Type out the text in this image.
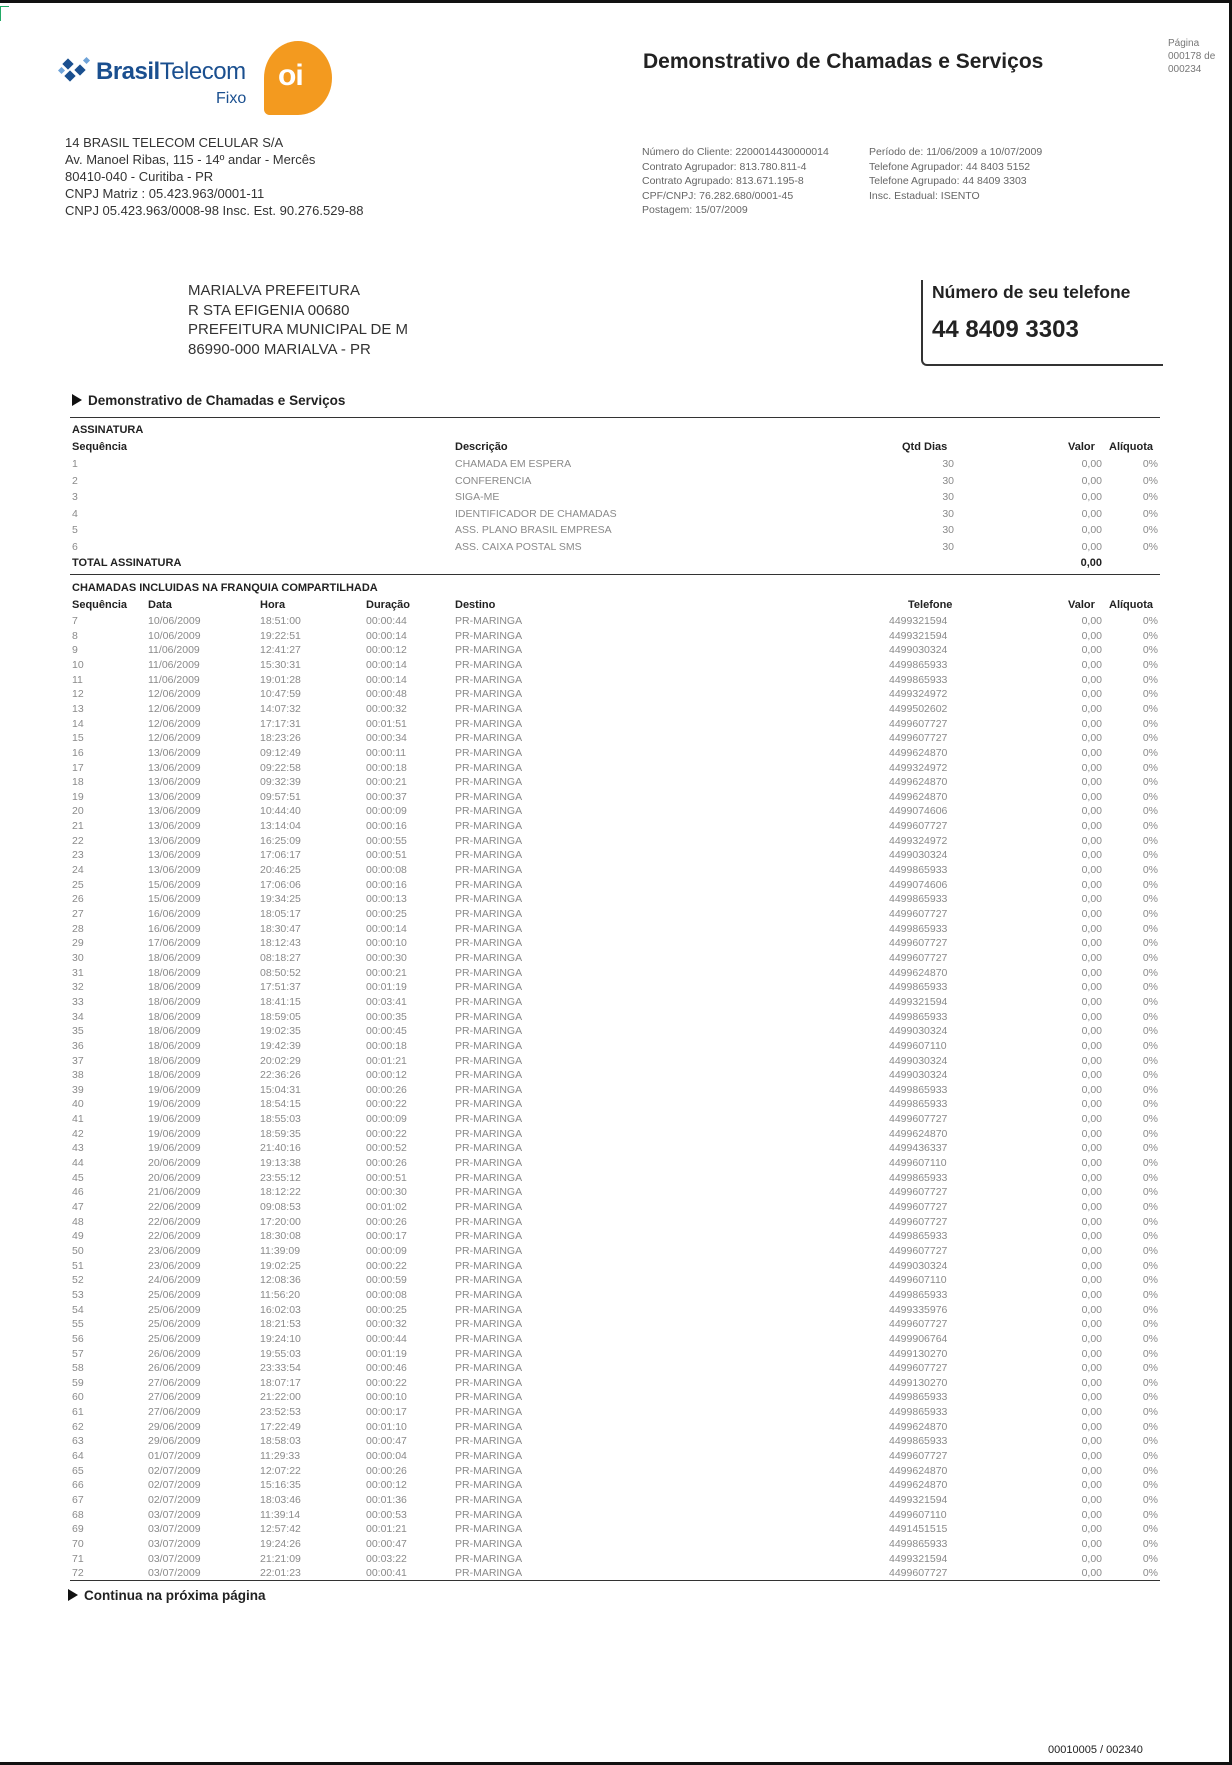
BrasilTelecom
Fixo
oi	Demonstrativo de Chamadas e Serviços
Página
000178 de
000234
14 BRASIL TELECOM CELULAR S/A
Av. Manoel Ribas, 115 - 14º andar - Mercês
80410-040 - Curitiba - PR
CNPJ Matriz : 05.423.963/0001-11
CNPJ 05.423.963/0008-98 Insc. Est. 90.276.529-88
Número do Cliente: 2200014430000014
Contrato Agrupador: 813.780.811-4
Contrato Agrupado: 813.671.195-8
CPF/CNPJ: 76.282.680/0001-45
Postagem: 15/07/2009
Período de: 11/06/2009 a 10/07/2009
Telefone Agrupador: 44 8403 5152
Telefone Agrupado: 44 8409 3303
Insc. Estadual: ISENTO
MARIALVA PREFEITURA
R STA EFIGENIA 00680
PREFEITURA MUNICIPAL DE M
86990-000 MARIALVA - PR
Número de seu telefone
44 8409 3303
Demonstrativo de Chamadas e Serviços
ASSINATURA
Sequência	Descrição	Qtd Dias	Valor Alíquota
1	CHAMADA EM ESPERA	30	0,00	0%
2	CONFERENCIA	30	0,00	0%
3	SIGA-ME	30	0,00	0%
4	IDENTIFICADOR DE CHAMADAS	30	0,00	0%
5	ASS. PLANO BRASIL EMPRESA	30	0,00	0%
6	ASS. CAIXA POSTAL SMS	30	0,00	0%
TOTAL ASSINATURA	0,00
CHAMADAS INCLUIDAS NA FRANQUIA COMPARTILHADA
Sequência Data	Hora	Duração	Destino	Telefone	Valor Alíquota
7	10/06/2009	18:51:00	00:00:44	PR-MARINGA	4499321594	0,00	0%
8	10/06/2009	19:22:51	00:00:14	PR-MARINGA	4499321594	0,00	0%
9	11/06/2009	12:41:27	00:00:12	PR-MARINGA	4499030324	0,00	0%
10	11/06/2009	15:30:31	00:00:14	PR-MARINGA	4499865933	0,00	0%
11	11/06/2009	19:01:28	00:00:14	PR-MARINGA	4499865933	0,00	0%
12	12/06/2009	10:47:59	00:00:48	PR-MARINGA	4499324972	0,00	0%
13	12/06/2009	14:07:32	00:00:32	PR-MARINGA	4499502602	0,00	0%
14	12/06/2009	17:17:31	00:01:51	PR-MARINGA	4499607727	0,00	0%
15	12/06/2009	18:23:26	00:00:34	PR-MARINGA	4499607727	0,00	0%
16	13/06/2009	09:12:49	00:00:11	PR-MARINGA	4499624870	0,00	0%
17	13/06/2009	09:22:58	00:00:18	PR-MARINGA	4499324972	0,00	0%
18	13/06/2009	09:32:39	00:00:21	PR-MARINGA	4499624870	0,00	0%
19	13/06/2009	09:57:51	00:00:37	PR-MARINGA	4499624870	0,00	0%
20	13/06/2009	10:44:40	00:00:09	PR-MARINGA	4499074606	0,00	0%
21	13/06/2009	13:14:04	00:00:16	PR-MARINGA	4499607727	0,00	0%
22	13/06/2009	16:25:09	00:00:55	PR-MARINGA	4499324972	0,00	0%
23	13/06/2009	17:06:17	00:00:51	PR-MARINGA	4499030324	0,00	0%
24	13/06/2009	20:46:25	00:00:08	PR-MARINGA	4499865933	0,00	0%
25	15/06/2009	17:06:06	00:00:16	PR-MARINGA	4499074606	0,00	0%
26	15/06/2009	19:34:25	00:00:13	PR-MARINGA	4499865933	0,00	0%
27	16/06/2009	18:05:17	00:00:25	PR-MARINGA	4499607727	0,00	0%
28	16/06/2009	18:30:47	00:00:14	PR-MARINGA	4499865933	0,00	0%
29	17/06/2009	18:12:43	00:00:10	PR-MARINGA	4499607727	0,00	0%
30	18/06/2009	08:18:27	00:00:30	PR-MARINGA	4499607727	0,00	0%
31	18/06/2009	08:50:52	00:00:21	PR-MARINGA	4499624870	0,00	0%
32	18/06/2009	17:51:37	00:01:19	PR-MARINGA	4499865933	0,00	0%
33	18/06/2009	18:41:15	00:03:41	PR-MARINGA	4499321594	0,00	0%
34	18/06/2009	18:59:05	00:00:35	PR-MARINGA	4499865933	0,00	0%
35	18/06/2009	19:02:35	00:00:45	PR-MARINGA	4499030324	0,00	0%
36	18/06/2009	19:42:39	00:00:18	PR-MARINGA	4499607110	0,00	0%
37	18/06/2009	20:02:29	00:01:21	PR-MARINGA	4499030324	0,00	0%
38	18/06/2009	22:36:26	00:00:12	PR-MARINGA	4499030324	0,00	0%
39	19/06/2009	15:04:31	00:00:26	PR-MARINGA	4499865933	0,00	0%
40	19/06/2009	18:54:15	00:00:22	PR-MARINGA	4499865933	0,00	0%
41	19/06/2009	18:55:03	00:00:09	PR-MARINGA	4499607727	0,00	0%
42	19/06/2009	18:59:35	00:00:22	PR-MARINGA	4499624870	0,00	0%
43	19/06/2009	21:40:16	00:00:52	PR-MARINGA	4499436337	0,00	0%
44	20/06/2009	19:13:38	00:00:26	PR-MARINGA	4499607110	0,00	0%
45	20/06/2009	23:55:12	00:00:51	PR-MARINGA	4499865933	0,00	0%
46	21/06/2009	18:12:22	00:00:30	PR-MARINGA	4499607727	0,00	0%
47	22/06/2009	09:08:53	00:01:02	PR-MARINGA	4499607727	0,00	0%
48	22/06/2009	17:20:00	00:00:26	PR-MARINGA	4499607727	0,00	0%
49	22/06/2009	18:30:08	00:00:17	PR-MARINGA	4499865933	0,00	0%
50	23/06/2009	11:39:09	00:00:09	PR-MARINGA	4499607727	0,00	0%
51	23/06/2009	19:02:25	00:00:22	PR-MARINGA	4499030324	0,00	0%
52	24/06/2009	12:08:36	00:00:59	PR-MARINGA	4499607110	0,00	0%
53	25/06/2009	11:56:20	00:00:08	PR-MARINGA	4499865933	0,00	0%
54	25/06/2009	16:02:03	00:00:25	PR-MARINGA	4499335976	0,00	0%
55	25/06/2009	18:21:53	00:00:32	PR-MARINGA	4499607727	0,00	0%
56	25/06/2009	19:24:10	00:00:44	PR-MARINGA	4499906764	0,00	0%
57	26/06/2009	19:55:03	00:01:19	PR-MARINGA	4499130270	0,00	0%
58	26/06/2009	23:33:54	00:00:46	PR-MARINGA	4499607727	0,00	0%
59	27/06/2009	18:07:17	00:00:22	PR-MARINGA	4499130270	0,00	0%
60	27/06/2009	21:22:00	00:00:10	PR-MARINGA	4499865933	0,00	0%
61	27/06/2009	23:52:53	00:00:17	PR-MARINGA	4499865933	0,00	0%
62	29/06/2009	17:22:49	00:01:10	PR-MARINGA	4499624870	0,00	0%
63	29/06/2009	18:58:03	00:00:47	PR-MARINGA	4499865933	0,00	0%
64	01/07/2009	11:29:33	00:00:04	PR-MARINGA	4499607727	0,00	0%
65	02/07/2009	12:07:22	00:00:26	PR-MARINGA	4499624870	0,00	0%
66	02/07/2009	15:16:35	00:00:12	PR-MARINGA	4499624870	0,00	0%
67	02/07/2009	18:03:46	00:01:36	PR-MARINGA	4499321594	0,00	0%
68	03/07/2009	11:39:14	00:00:53	PR-MARINGA	4499607110	0,00	0%
69	03/07/2009	12:57:42	00:01:21	PR-MARINGA	4491451515	0,00	0%
70	03/07/2009	19:24:26	00:00:47	PR-MARINGA	4499865933	0,00	0%
71	03/07/2009	21:21:09	00:03:22	PR-MARINGA	4499321594	0,00	0%
72	03/07/2009	22:01:23	00:00:41	PR-MARINGA	4499607727	0,00	0%
Continua na próxima página
00010005 / 002340
